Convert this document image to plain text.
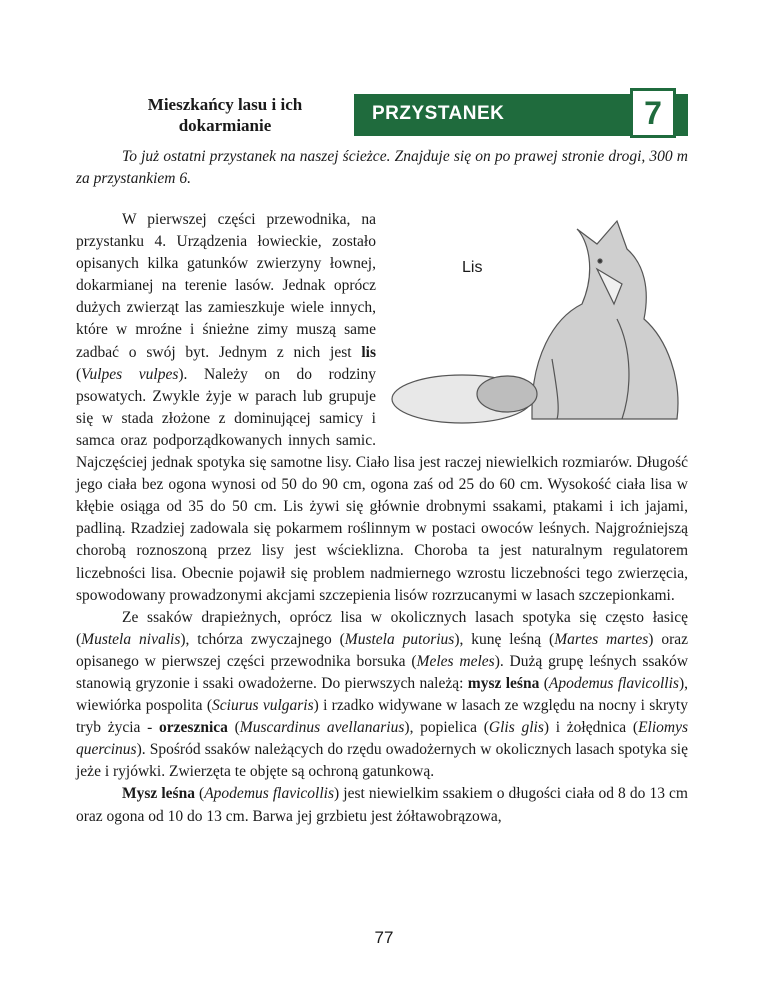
Mieszkańcy lasu i ich
dokarmianie
PRZYSTANEK	7

To już ostatni przystanek na naszej ścieżce. Znajduje się on po prawej stronie drogi, 300 m za przystankiem 6.

Lis

W pierwszej części przewodnika, na przystanku 4. Urządzenia łowieckie, zostało opisanych kilka gatunków zwierzyny łownej, dokarmianej na terenie lasów. Jednak oprócz dużych zwierząt las zamieszkuje wiele innych, które w mroźne i śnieżne zimy muszą same zadbać o swój byt. Jednym z nich jest lis (Vulpes vulpes). Należy on do rodziny psowatych. Zwykle żyje w parach lub grupuje się w stada złożone z dominującej samicy i samca oraz podporządkowanych innych samic. Najczęściej jednak spotyka się samotne lisy. Ciało lisa jest raczej niewielkich rozmiarów. Długość jego ciała bez ogona wynosi od 50 do 90 cm, ogona zaś od 25 do 60 cm. Wysokość ciała lisa w kłębie osiąga od 35 do 50 cm. Lis żywi się głównie drobnymi ssakami, ptakami i ich jajami, padliną. Rzadziej zadowala się pokarmem roślinnym w postaci owoców leśnych. Najgroźniejszą chorobą roznoszoną przez lisy jest wścieklizna. Choroba ta jest naturalnym regulatorem liczebności lisa. Obecnie pojawił się problem nadmiernego wzrostu liczebności tego zwierzęcia, spowodowany prowadzonymi akcjami szczepienia lisów rozrzucanymi w lasach szczepionkami.

Ze ssaków drapieżnych, oprócz lisa w okolicznych lasach spotyka się często łasicę (Mustela nivalis), tchórza zwyczajnego (Mustela putorius), kunę leśną (Martes martes) oraz opisanego w pierwszej części przewodnika borsuka (Meles meles). Dużą grupę leśnych ssaków stanowią gryzonie i ssaki owadożerne. Do pierwszych należą: mysz leśna (Apodemus flavicollis), wiewiórka pospolita (Sciurus vulgaris) i rzadko widywane w lasach ze względu na nocny i skryty tryb życia - orzesznica (Muscardinus avellanarius), popielica (Glis glis) i żołędnica (Eliomys quercinus). Spośród ssaków należących do rzędu owadożernych w okolicznych lasach spotyka się jeże i ryjówki. Zwierzęta te objęte są ochroną gatunkową.

Mysz leśna (Apodemus flavicollis) jest niewielkim ssakiem o długości ciała od 8 do 13 cm oraz ogona od 10 do 13 cm. Barwa jej grzbietu jest żółtawobrązowa,

77
